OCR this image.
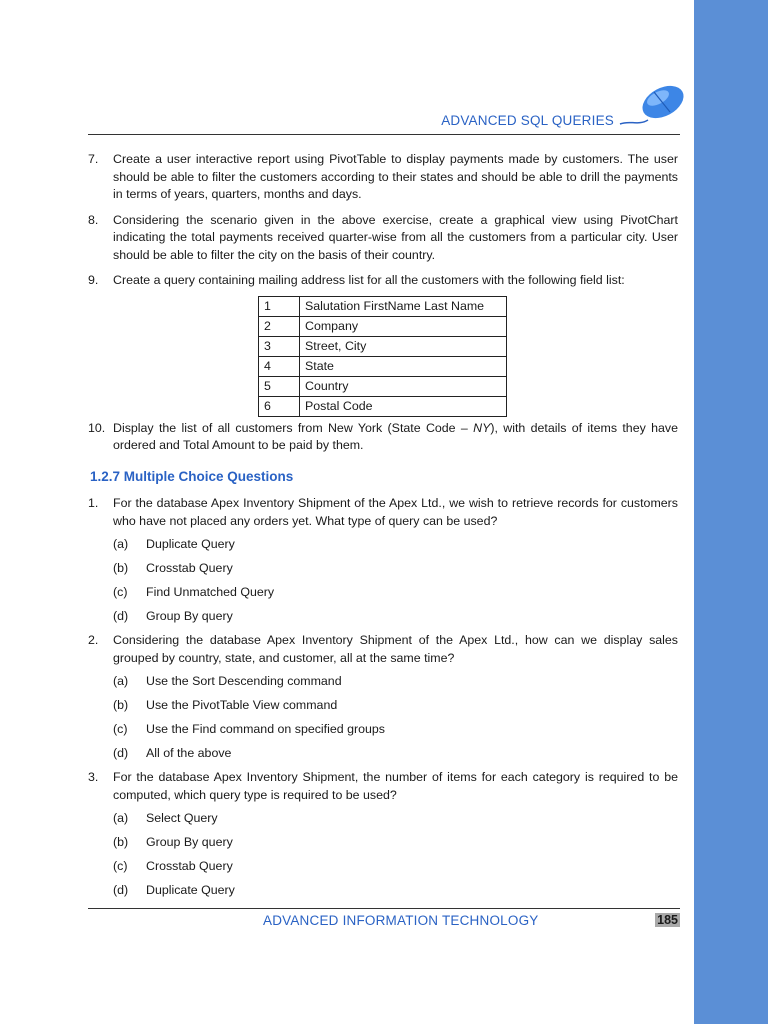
ADVANCED SQL QUERIES
7. Create a user interactive report using PivotTable to display payments made by customers. The user should be able to filter the customers according to their states and should be able to drill the payments in terms of years, quarters, months and days.
8. Considering the scenario given in the above exercise, create a graphical view using PivotChart indicating the total payments received quarter-wise from all the customers from a particular city. User should be able to filter the city on the basis of their country.
9. Create a query containing mailing address list for all the customers with the following field list:
1	Salutation FirstName Last Name
2	Company
3	Street, City
4	State
5	Country
6	Postal Code
10. Display the list of all customers from New York (State Code – NY), with details of items they have ordered and Total Amount to be paid by them.
1.2.7 Multiple Choice Questions
1. For the database Apex Inventory Shipment of the Apex Ltd., we wish to retrieve records for customers who have not placed any orders yet. What type of query can be used?
(a) Duplicate Query
(b) Crosstab Query
(c) Find Unmatched Query
(d) Group By query
2. Considering the database Apex Inventory Shipment of the Apex Ltd., how can we display sales grouped by country, state, and customer, all at the same time?
(a) Use the Sort Descending command
(b) Use the PivotTable View command
(c) Use the Find command on specified groups
(d) All of the above
3. For the database Apex Inventory Shipment, the number of items for each category is required to be computed, which query type is required to be used?
(a) Select Query
(b) Group By query
(c) Crosstab Query
(d) Duplicate Query
ADVANCED INFORMATION TECHNOLOGY	185
